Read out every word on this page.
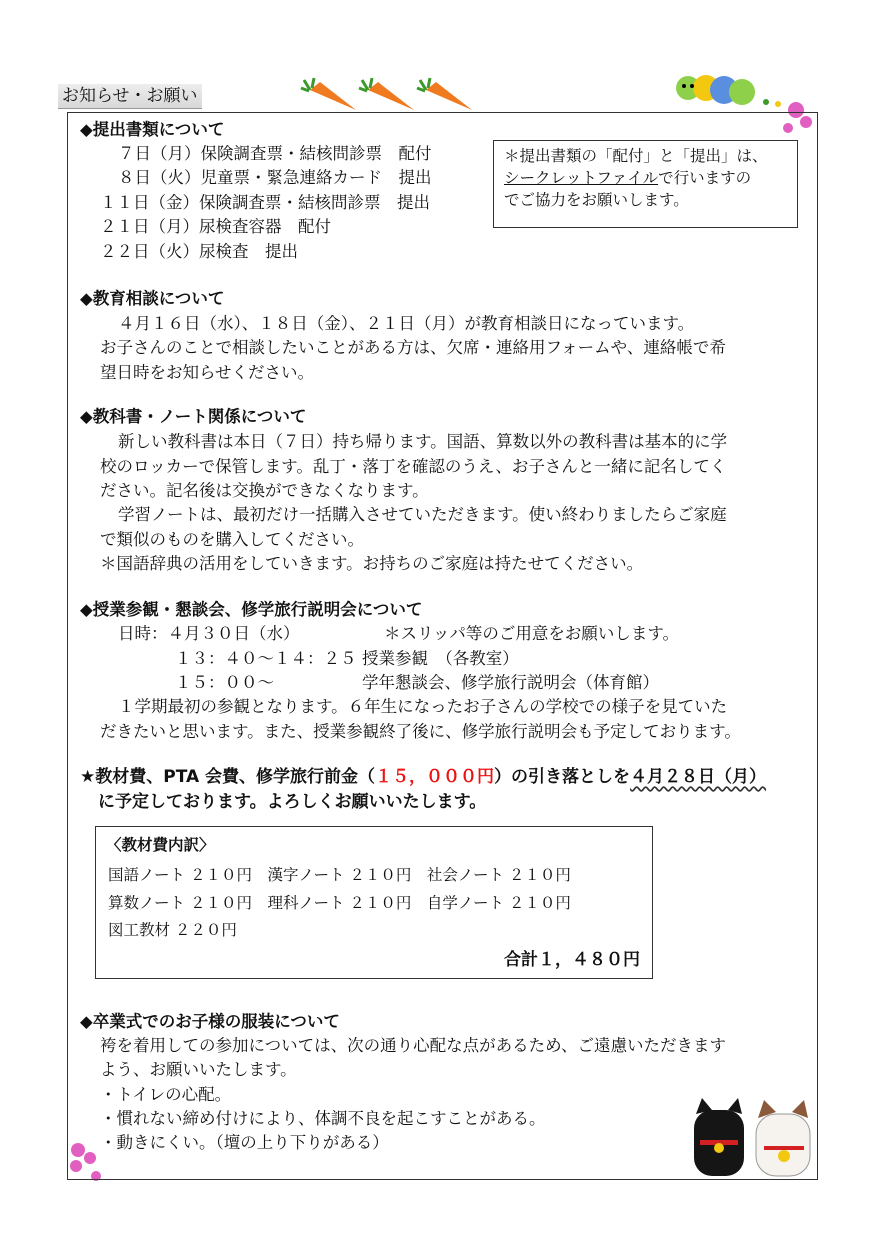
お知らせ・お願い
◆提出書類について
７日（月）保険調査票・結核問診票　配付
８日（火）児童票・緊急連絡カード　提出
１１日（金）保険調査票・結核問診票　提出
２１日（月）尿検査容器　配付
２２日（火）尿検査　提出
＊提出書類の「配付」と「提出」は、
シークレットファイルで行いますの
でご協力をお願いします。
◆教育相談について
４月１６日（水）、１８日（金）、２１日（月）が教育相談日になっています。
お子さんのことで相談したいことがある方は、欠席・連絡用フォームや、連絡帳で希
望日時をお知らせください。
◆教科書・ノート関係について
新しい教科書は本日（７日）持ち帰ります。国語、算数以外の教科書は基本的に学
校のロッカーで保管します。乱丁・落丁を確認のうえ、お子さんと一緒に記名してく
ださい。記名後は交換ができなくなります。
学習ノートは、最初だけ一括購入させていただきます。使い終わりましたらご家庭
で類似のものを購入してください。
＊国語辞典の活用をしていきます。お持ちのご家庭は持たせてください。
◆授業参観・懇談会、修学旅行説明会について
日時：４月３０日（水）	＊スリッパ等のご用意をお願いします。
１３：４０～１４：２５ 授業参観　（各教室）
１５：００～	学年懇談会、修学旅行説明会（体育館）
１学期最初の参観となります。６年生になったお子さんの学校での様子を見ていた
だきたいと思います。また、授業参観終了後に、修学旅行説明会も予定しております。
★教材費、PTA 会費、修学旅行前金（１５，０００円）の引き落としを４月２８日（月）
に予定しております。よろしくお願いいたします。
〈教材費内訳〉
国語ノート ２１０円　漢字ノート ２１０円　社会ノート ２１０円
算数ノート ２１０円　理科ノート ２１０円　自学ノート ２１０円
図工教材 ２２０円
合計１，４８０円
◆卒業式でのお子様の服装について
袴を着用しての参加については、次の通り心配な点があるため、ご遠慮いただきます
よう、お願いいたします。
・トイレの心配。
・慣れない締め付けにより、体調不良を起こすことがある。
・動きにくい。（壇の上り下りがある）
